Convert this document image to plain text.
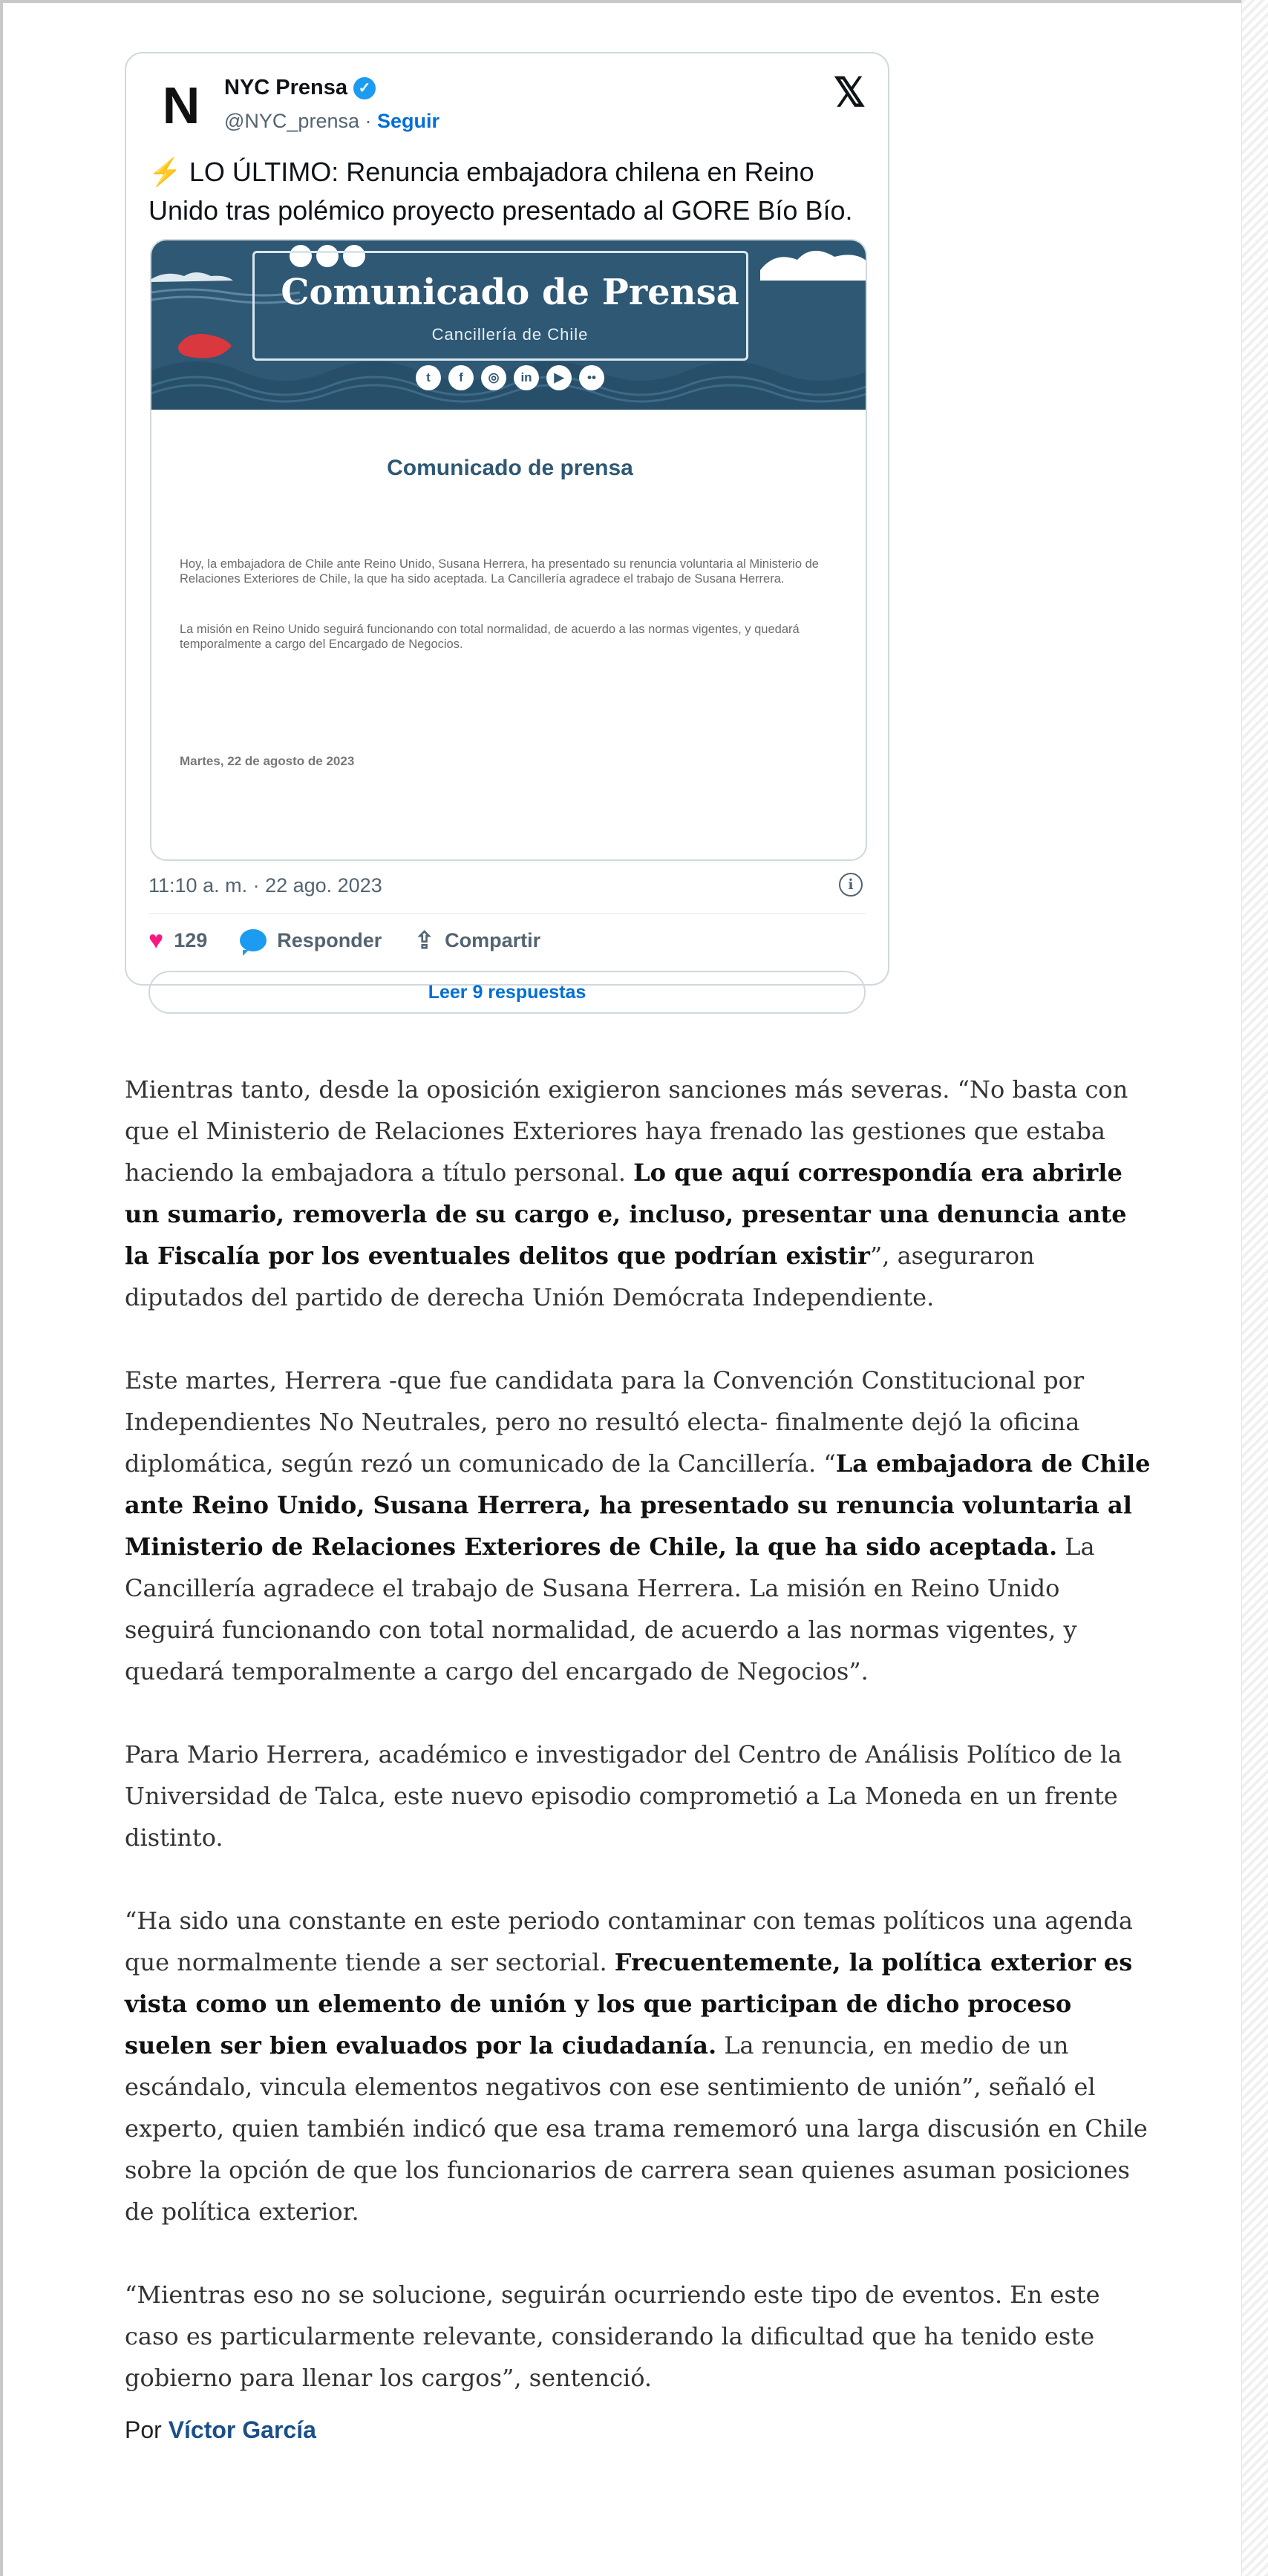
N	NYC Prensa ✓
@NYC_prensa · Seguir
𝕏
⚡ LO ÚLTIMO: Renuncia embajadora chilena en Reino Unido tras polémico proyecto presentado al GORE Bío Bío.
Comunicado de Prensa
Cancillería de Chile
t	f	◎	in	▶	••
Comunicado de prensa
Hoy, la embajadora de Chile ante Reino Unido, Susana Herrera, ha presentado su renuncia voluntaria al Ministerio de Relaciones Exteriores de Chile, la que ha sido aceptada. La Cancillería agradece el trabajo de Susana Herrera.
La misión en Reino Unido seguirá funcionando con total normalidad, de acuerdo a las normas vigentes, y quedará temporalmente a cargo del Encargado de Negocios.
Martes, 22 de agosto de 2023
11:10 a. m. · 22 ago. 2023	i
♥ 129	Responder ⇪ Compartir
Leer 9 respuestas

Mientras tanto, desde la oposición exigieron sanciones más severas. “No basta con que el Ministerio de Relaciones Exteriores haya frenado las gestiones que estaba haciendo la embajadora a título personal. Lo que aquí correspondía era abrirle un sumario, removerla de su cargo e, incluso, presentar una denuncia ante la Fiscalía por los eventuales delitos que podrían existir”, aseguraron diputados del partido de derecha Unión Demócrata Independiente.

Este martes, Herrera -que fue candidata para la Convención Constitucional por Independientes No Neutrales, pero no resultó electa- finalmente dejó la oficina diplomática, según rezó un comunicado de la Cancillería. “La embajadora de Chile ante Reino Unido, Susana Herrera, ha presentado su renuncia voluntaria al Ministerio de Relaciones Exteriores de Chile, la que ha sido aceptada. La Cancillería agradece el trabajo de Susana Herrera. La misión en Reino Unido seguirá funcionando con total normalidad, de acuerdo a las normas vigentes, y quedará temporalmente a cargo del encargado de Negocios”.

Para Mario Herrera, académico e investigador del Centro de Análisis Político de la Universidad de Talca, este nuevo episodio comprometió a La Moneda en un frente distinto.

“Ha sido una constante en este periodo contaminar con temas políticos una agenda que normalmente tiende a ser sectorial. Frecuentemente, la política exterior es vista como un elemento de unión y los que participan de dicho proceso suelen ser bien evaluados por la ciudadanía. La renuncia, en medio de un escándalo, vincula elementos negativos con ese sentimiento de unión”, señaló el experto, quien también indicó que esa trama rememoró una larga discusión en Chile sobre la opción de que los funcionarios de carrera sean quienes asuman posiciones de política exterior.

“Mientras eso no se solucione, seguirán ocurriendo este tipo de eventos. En este caso es particularmente relevante, considerando la dificultad que ha tenido este gobierno para llenar los cargos”, sentenció.

Por Víctor García
